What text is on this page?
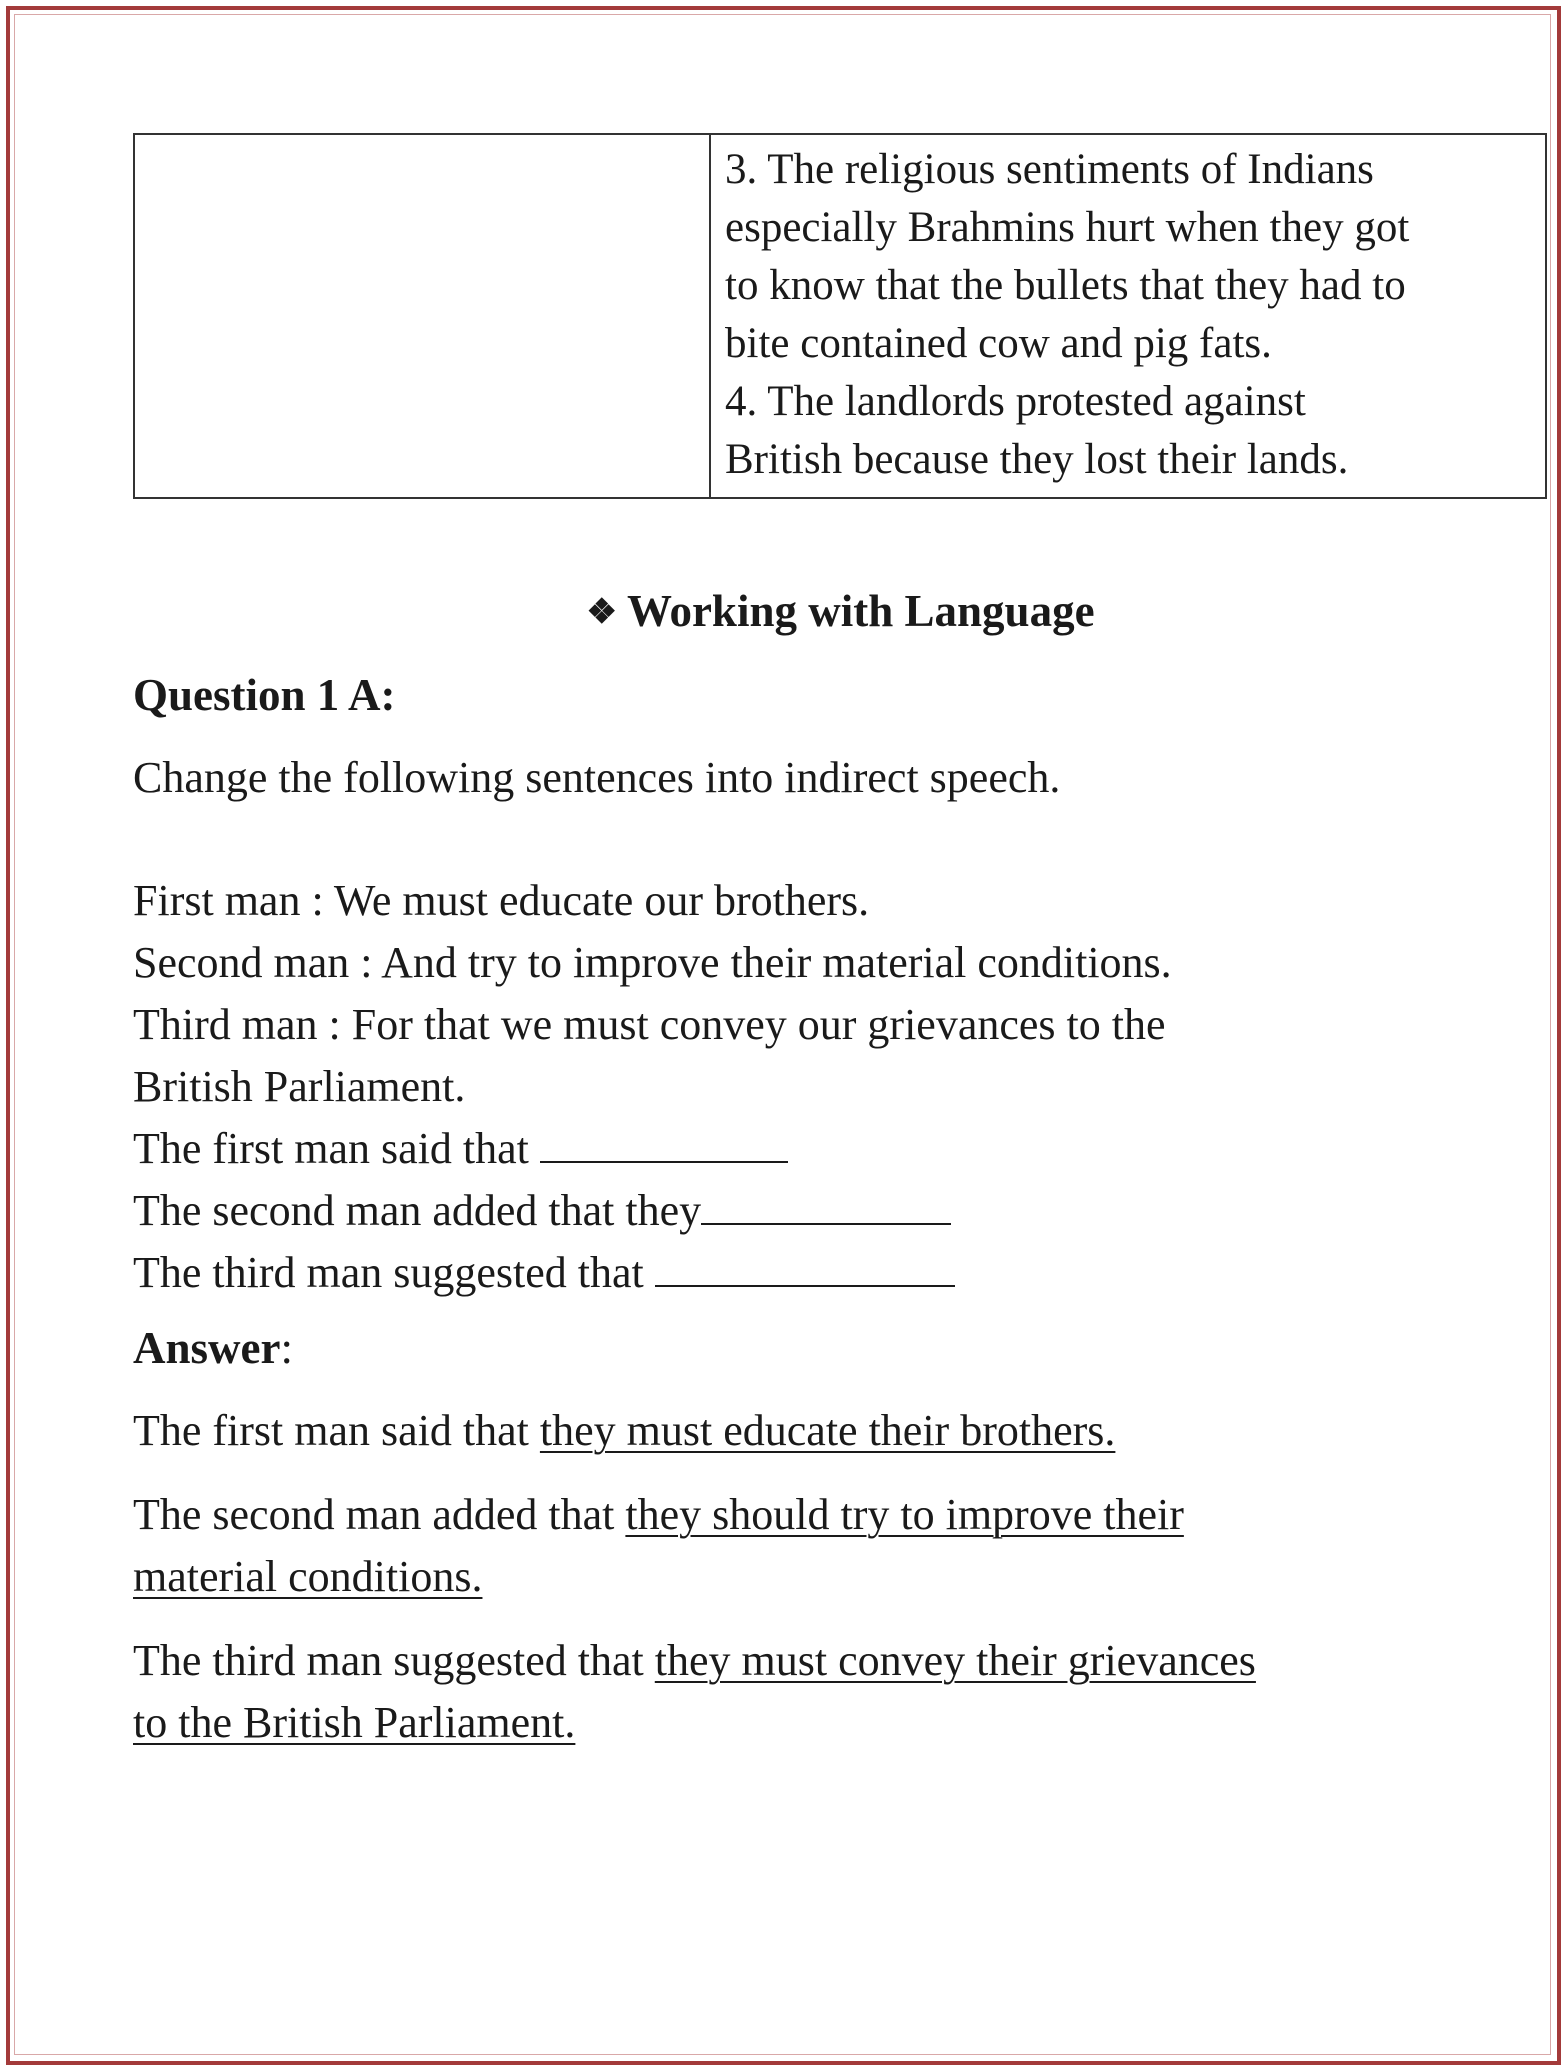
3. The religious sentiments of Indians
especially Brahmins hurt when they got
to know that the bullets that they had to
bite contained cow and pig fats.
4. The landlords protested against
British because they lost their lands.
❖ Working with Language
Question 1 A:
Change the following sentences into indirect speech.
First man : We must educate our brothers.
Second man : And try to improve their material conditions.
Third man : For that we must convey our grievances to the
British Parliament.
The first man said that
The second man added that they
The third man suggested that
Answer:
The first man said that they must educate their brothers.
The second man added that they should try to improve their
material conditions.
The third man suggested that they must convey their grievances
to the British Parliament.
